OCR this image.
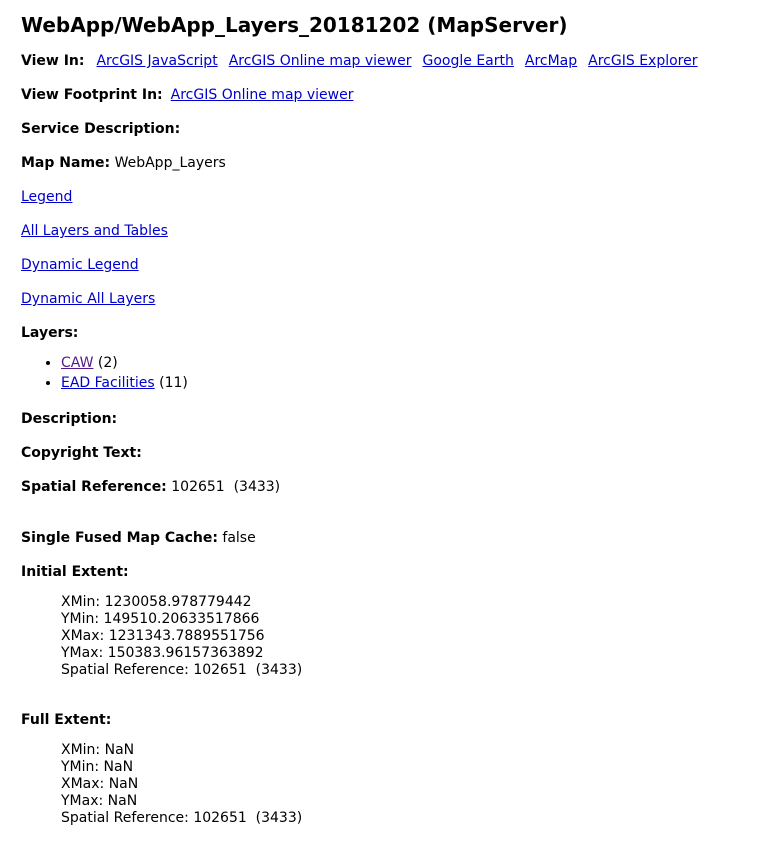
WebApp/WebApp_Layers_20181202 (MapServer)
View In: ArcGIS JavaScript ArcGIS Online map viewer Google Earth ArcMap ArcGIS Explorer
View Footprint In: ArcGIS Online map viewer
Service Description:
Map Name: WebApp_Layers
Legend
All Layers and Tables
Dynamic Legend
Dynamic All Layers
Layers:
• CAW (2)
• EAD Facilities (11)
Description:
Copyright Text:
Spatial Reference: 102651  (3433)
Single Fused Map Cache: false
Initial Extent:
XMin: 1230058.978779442
YMin: 149510.20633517866
XMax: 1231343.7889551756
YMax: 150383.96157363892
Spatial Reference: 102651  (3433)
Full Extent:
XMin: NaN
YMin: NaN
XMax: NaN
YMax: NaN
Spatial Reference: 102651  (3433)
